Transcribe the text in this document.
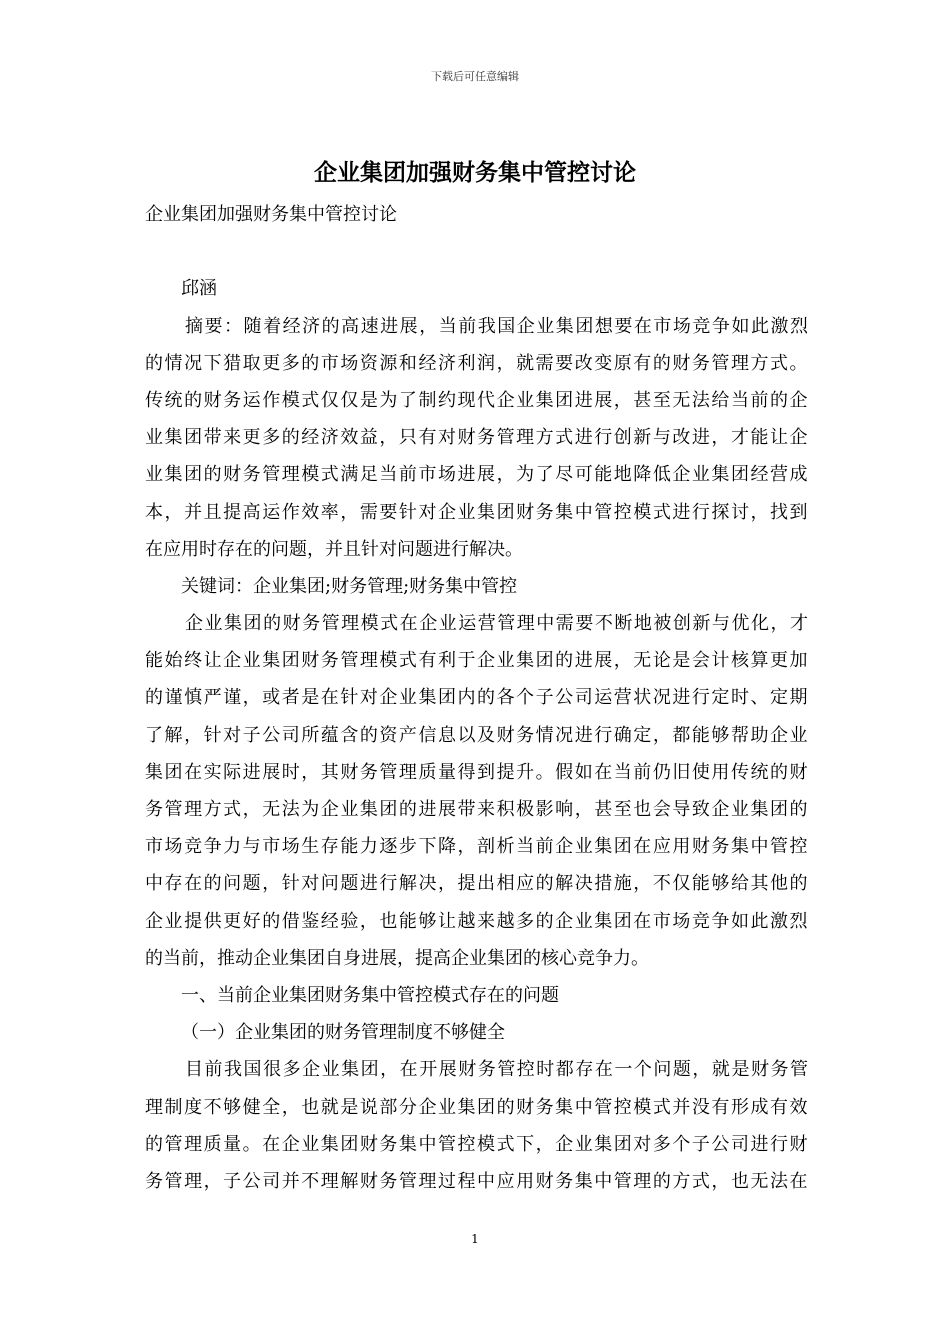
下载后可任意编辑
企业集团加强财务集中管控讨论
企业集团加强财务集中管控讨论
邱涵
摘 要 ： 随 着 经 济 的 高 速 进 展 ， 当 前 我 国 企 业 集 团 想 要 在 市 场 竞 争 如 此 激 烈
的 情 况 下 猎 取 更 多 的 市 场 资 源 和 经 济 利 润 ， 就 需 要 改 变 原 有 的 财 务 管 理 方 式 。
传 统 的 财 务 运 作 模 式 仅 仅 是 为 了 制 约 现 代 企 业 集 团 进 展 ， 甚 至 无 法 给 当 前 的 企
业 集 团 带 来 更 多 的 经 济 效 益 ， 只 有 对 财 务 管 理 方 式 进 行 创 新 与 改 进 ， 才 能 让 企
业 集 团 的 财 务 管 理 模 式 满 足 当 前 市 场 进 展 ， 为 了 尽 可 能 地 降 低 企 业 集 团 经 营 成
本 ， 并 且 提 高 运 作 效 率 ， 需 要 针 对 企 业 集 团 财 务 集 中 管 控 模 式 进 行 探 讨 ， 找 到
在应用时存在的问题，并且针对问题进行解决。
关键词：企业集团;财务管理;财务集中管控
企 业 集 团 的 财 务 管 理 模 式 在 企 业 运 营 管 理 中 需 要 不 断 地 被 创 新 与 优 化 ， 才
能 始 终 让 企 业 集 团 财 务 管 理 模 式 有 利 于 企 业 集 团 的 进 展 ， 无 论 是 会 计 核 算 更 加
的 谨 慎 严 谨 ， 或 者 是 在 针 对 企 业 集 团 内 的 各 个 子 公 司 运 营 状 况 进 行 定 时 、 定 期
了 解 ， 针 对 子 公 司 所 蕴 含 的 资 产 信 息 以 及 财 务 情 况 进 行 确 定 ， 都 能 够 帮 助 企 业
集 团 在 实 际 进 展 时 ， 其 财 务 管 理 质 量 得 到 提 升 。 假 如 在 当 前 仍 旧 使 用 传 统 的 财
务 管 理 方 式 ， 无 法 为 企 业 集 团 的 进 展 带 来 积 极 影 响 ， 甚 至 也 会 导 致 企 业 集 团 的
市 场 竞 争 力 与 市 场 生 存 能 力 逐 步 下 降 ， 剖 析 当 前 企 业 集 团 在 应 用 财 务 集 中 管 控
中 存 在 的 问 题 ， 针 对 问 题 进 行 解 决 ， 提 出 相 应 的 解 决 措 施 ， 不 仅 能 够 给 其 他 的
企 业 提 供 更 好 的 借 鉴 经 验 ， 也 能 够 让 越 来 越 多 的 企 业 集 团 在 市 场 竞 争 如 此 激 烈
的当前，推动企业集团自身进展，提高企业集团的核心竞争力。
一、当前企业集团财务集中管控模式存在的问题
（一）企业集团的财务管理制度不够健全
目 前 我 国 很 多 企 业 集 团 ， 在 开 展 财 务 管 控 时 都 存 在 一 个 问 题 ， 就 是 财 务 管
理 制 度 不 够 健 全 ， 也 就 是 说 部 分 企 业 集 团 的 财 务 集 中 管 控 模 式 并 没 有 形 成 有 效
的 管 理 质 量 。 在 企 业 集 团 财 务 集 中 管 控 模 式 下 ， 企 业 集 团 对 多 个 子 公 司 进 行 财
务 管 理 ， 子 公 司 并 不 理 解 财 务 管 理 过 程 中 应 用 财 务 集 中 管 理 的 方 式 ， 也 无 法 在
1
